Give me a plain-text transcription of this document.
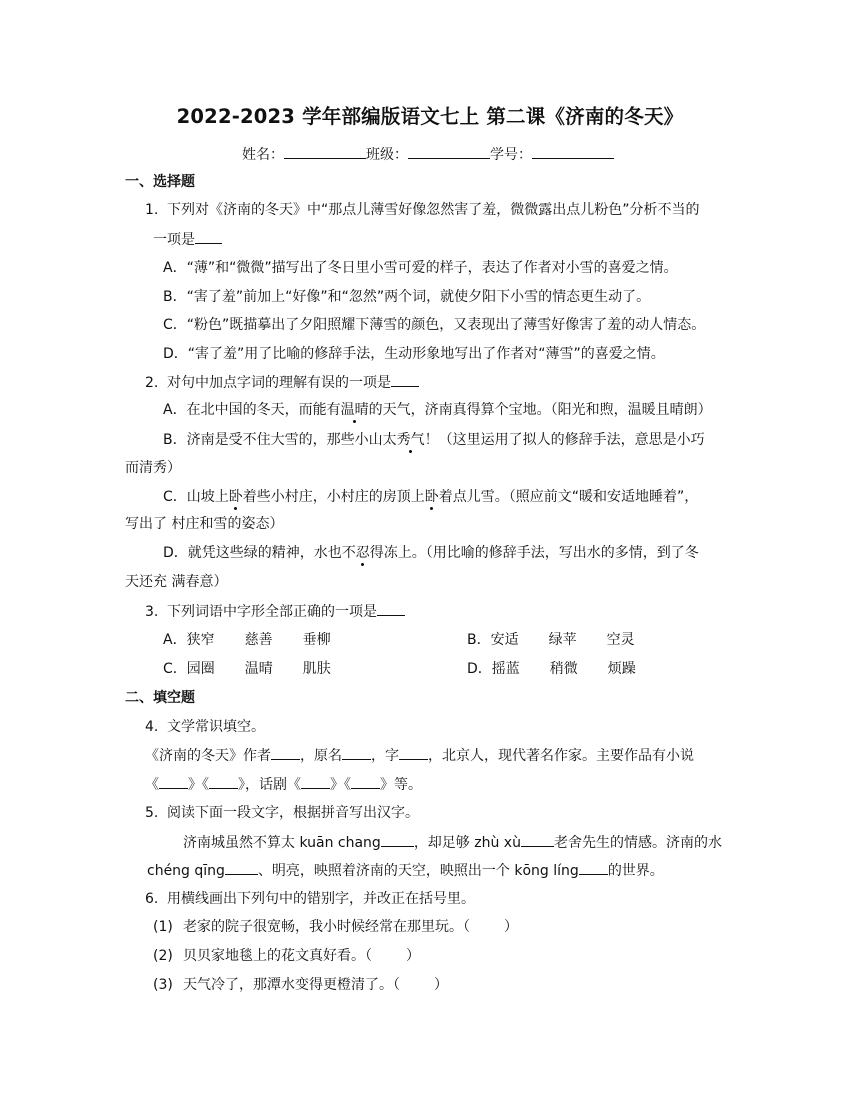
2022-2023 学年部编版语文七上 第二课《济南的冬天》
姓名：	班级：	学号：
一、选择题
1. 下列对《济南的冬天》中“那点儿薄雪好像忽然害了羞，微微露出点儿粉色”分析不当的
一项是
A．“薄”和“微微”描写出了冬日里小雪可爱的样子，表达了作者对小雪的喜爱之情。
B．“害了羞”前加上“好像”和“忽然”两个词，就使夕阳下小雪的情态更生动了。
C．“粉色”既描摹出了夕阳照耀下薄雪的颜色，又表现出了薄雪好像害了羞的动人情态。
D．“害了羞”用了比喻的修辞手法，生动形象地写出了作者对“薄雪”的喜爱之情。
2. 对句中加点字词的理解有误的一项是
A．在北中国的冬天，而能有温晴的天气，济南真得算个宝地。（阳光和煦，温暖且晴朗）
B．济南是受不住大雪的，那些小山太秀气！（这里运用了拟人的修辞手法，意思是小巧
而清秀）
C．山坡上卧着些小村庄，小村庄的房顶上卧着点儿雪。（照应前文“暖和安适地睡着”，
写出了 村庄和雪的姿态）
D．就凭这些绿的精神，水也不忍得冻上。（用比喻的修辞手法，写出水的多情，到了冬
天还充 满春意）
3. 下列词语中字形全部正确的一项是
A．狭窄 慈善 垂柳	B．安适 绿苹 空灵
C．园圈 温晴 肌肤	D．摇蓝 稍微 烦躁
二、填空题
4. 文学常识填空。
《济南的冬天》作者 ，原名 ，字 ，北京人，现代著名作家。主要作品有小说
《 》《 》，话剧《 》《 》等。
5. 阅读下面一段文字，根据拼音写出汉字。
济南城虽然不算太 kuān chang ，却足够 zhù xù 老舍先生的情感。济南的水
chéng qīng 、明亮，映照着济南的天空，映照出一个 kōng líng 的世界。
6. 用横线画出下列句中的错别字，并改正在括号里。
(1) 老家的院子很宽畅，我小时候经常在那里玩。（ ）
(2) 贝贝家地毯上的花文真好看。（ ）
(3) 天气冷了，那潭水变得更橙清了。（ ）
